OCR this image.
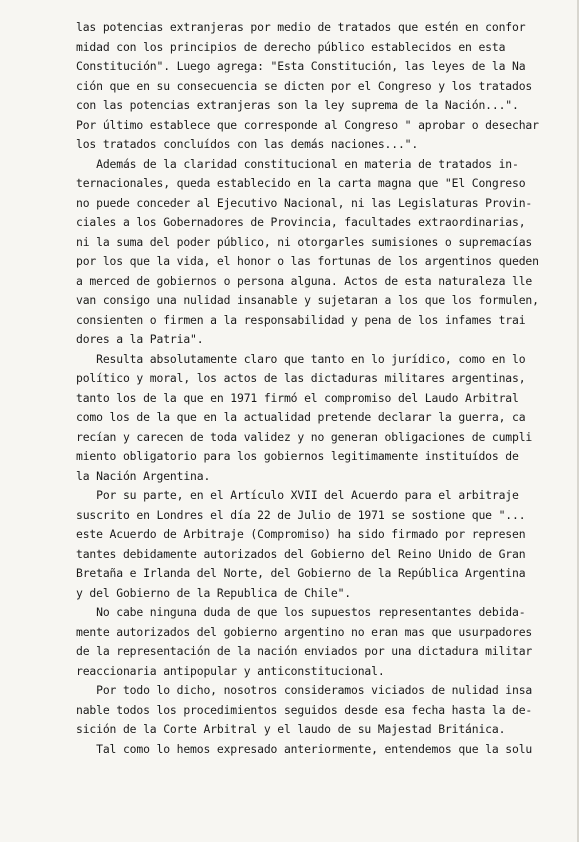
las potencias extranjeras por medio de tratados que estén en confor
midad con los principios de derecho público establecidos en esta
Constitución". Luego agrega: "Esta Constitución, las leyes de la Na
ción que en su consecuencia se dicten por el Congreso y los tratados
con las potencias extranjeras son la ley suprema de la Nación...".
Por último establece que corresponde al Congreso " aprobar o desechar
los tratados concluídos con las demás naciones...".
Además de la claridad constitucional en materia de tratados in-
ternacionales, queda establecido en la carta magna que "El Congreso
no puede conceder al Ejecutivo Nacional, ni las Legislaturas Provin-
ciales a los Gobernadores de Provincia, facultades extraordinarias,
ni la suma del poder público, ni otorgarles sumisiones o supremacías
por los que la vida, el honor o las fortunas de los argentinos queden
a merced de gobiernos o persona alguna. Actos de esta naturaleza lle
van consigo una nulidad insanable y sujetaran a los que los formulen,
consienten o firmen a la responsabilidad y pena de los infames trai
dores a la Patria".
Resulta absolutamente claro que tanto en lo jurídico, como en lo
político y moral, los actos de las dictaduras militares argentinas,
tanto los de la que en 1971 firmó el compromiso del Laudo Arbitral
como los de la que en la actualidad pretende declarar la guerra, ca
recían y carecen de toda validez y no generan obligaciones de cumpli
miento obligatorio para los gobiernos legitimamente instituídos de
la Nación Argentina.
Por su parte, en el Artículo XVII del Acuerdo para el arbitraje
suscrito en Londres el día 22 de Julio de 1971 se sostione que "...
este Acuerdo de Arbitraje (Compromiso) ha sido firmado por represen
tantes debidamente autorizados del Gobierno del Reino Unido de Gran
Bretaña e Irlanda del Norte, del Gobierno de la República Argentina
y del Gobierno de la Republica de Chile".
No cabe ninguna duda de que los supuestos representantes debida-
mente autorizados del gobierno argentino no eran mas que usurpadores
de la representación de la nación enviados por una dictadura militar
reaccionaria antipopular y anticonstitucional.
Por todo lo dicho, nosotros consideramos viciados de nulidad insa
nable todos los procedimientos seguidos desde esa fecha hasta la de-
sición de la Corte Arbitral y el laudo de su Majestad Británica.
Tal como lo hemos expresado anteriormente, entendemos que la solu
